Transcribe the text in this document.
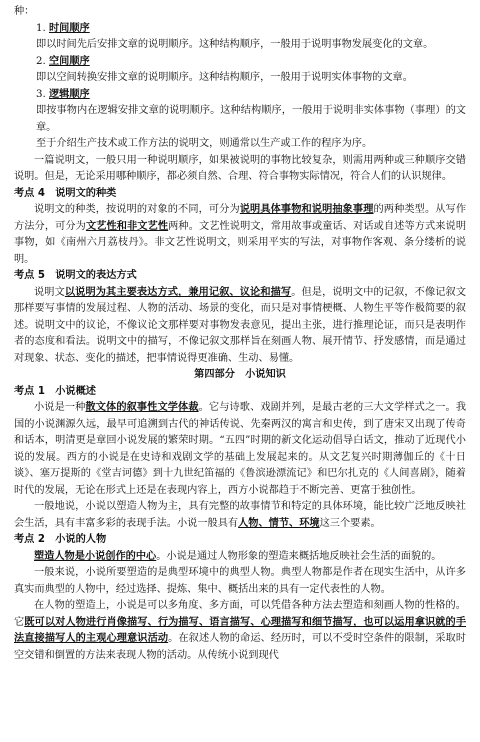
种：

1. 时间顺序

即以时间先后安排文章的说明顺序。这种结构顺序，一般用于说明事物发展变化的文章。

2. 空间顺序

即以空间转换安排文章的说明顺序。这种结构顺序，一般用于说明实体事物的文章。

3. 逻辑顺序

即按事物内在逻辑安排文章的说明顺序。这种结构顺序，一般用于说明非实体事物（事理）的文章。

至于介绍生产技术或工作方法的说明文，则通常以生产或工作的程序为序。

一篇说明文，一般只用一种说明顺序，如果被说明的事物比较复杂，则需用两种或三种顺序交错说明。但是，无论采用哪种顺序，都必须自然、合理、符合事物实际情况，符合人们的认识规律。

考点 4　说明文的种类

说明文的种类，按说明的对象的不同，可分为说明具体事物和说明抽象事理的两种类型。从写作方法分，可分为文艺性和非文艺性两种。文艺性说明文，常用故事或童话、对话或自述等方式来说明事物，如《南州六月荔枝丹》。非文艺性说明文，则采用平实的写法，对事物作客观、条分缕析的说明。

考点 5　说明文的表达方式

说明文以说明为其主要表达方式，兼用记叙、议论和描写。但是，说明文中的记叙，不像记叙文那样要写事情的发展过程、人物的活动、场景的变化，而只是对事情梗概、人物生平等作极简要的叙述。说明文中的议论，不像议论文那样要对事物发表意见，提出主张，进行推理论证，而只是表明作者的态度和看法。说明文中的描写，不像记叙文那样旨在刻画人物、展开情节、抒发感情，而是通过对现象、状态、变化的描述，把事情说得更准确、生动、易懂。

第四部分　小说知识

考点 1　小说概述

小说是一种散文体的叙事性文学体裁。它与诗歌、戏剧并列，是最古老的三大文学样式之一。我国的小说渊源久远，最早可追溯到古代的神话传说、先秦两汉的寓言和史传，到了唐宋又出现了传奇和话本，明清更是章回小说发展的繁荣时期。“五四”时期的新文化运动倡导白话文，推动了近现代小说的发展。西方的小说是在史诗和戏剧文学的基础上发展起来的。从文艺复兴时期薄伽丘的《十日谈》、塞万提斯的《堂吉诃德》到十九世纪笛福的《鲁滨逊漂流记》和巴尔扎克的《人间喜剧》，随着时代的发展，无论在形式上还是在表现内容上，西方小说都趋于不断完善、更富于独创性。

一般地说，小说以塑造人物为主，具有完整的故事情节和特定的具体环境，能比较广泛地反映社会生活，具有丰富多彩的表现手法。小说一般具有人物、情节、环境这三个要素。

考点 2　小说的人物

塑造人物是小说创作的中心。小说是通过人物形象的塑造来概括地反映社会生活的面貌的。

一般来说，小说所要塑造的是典型环境中的典型人物。典型人物都是作者在现实生活中，从许多真实而典型的人物中，经过选择、提炼、集中、概括出来的具有一定代表性的人物。

在人物的塑造上，小说是可以多角度、多方面，可以凭借各种方法去塑造和刻画人物的性格的。它既可以对人物进行肖像描写、行为描写、语言描写、心理描写和细节描写，也可以运用拿识就的手法直接描写人的主观心理意识活动。在叙述人物的命运、经历时，可以不受时空条件的限制，采取时空交错和倒置的方法来表现人物的活动。从传统小说到现代
